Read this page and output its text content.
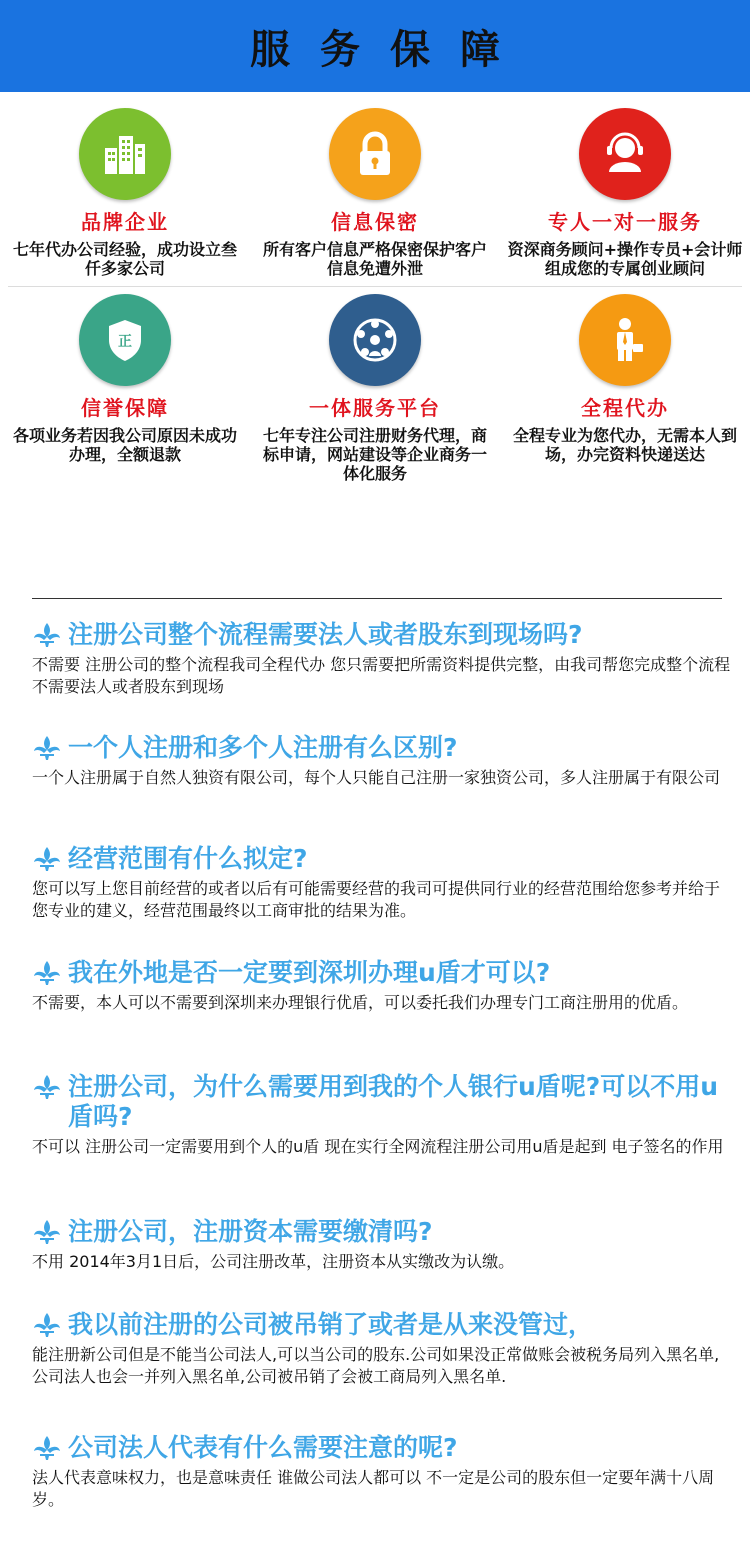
服务保障
品牌企业
七年代办公司经验，成功设立叁仟多家公司
信息保密
所有客户信息严格保密保护客户信息免遭外泄
专人一对一服务
资深商务顾问+操作专员+会计师组成您的专属创业顾问
正
信誉保障
各项业务若因我公司原因未成功办理，全额退款
一体服务平台
七年专注公司注册财务代理，商标申请，网站建设等企业商务一体化服务
全程代办
全程专业为您代办，无需本人到场，办完资料快递送达
注册公司整个流程需要法人或者股东到现场吗?
不需要 注册公司的整个流程我司全程代办 您只需要把所需资料提供完整，由我司帮您完成整个流程 不需要法人或者股东到现场
一个人注册和多个人注册有么区别?
一个人注册属于自然人独资有限公司，每个人只能自己注册一家独资公司，多人注册属于有限公司
经营范围有什么拟定?
您可以写上您目前经营的或者以后有可能需要经营的我司可提供同行业的经营范围给您参考并给于您专业的建义，经营范围最终以工商审批的结果为准。
我在外地是否一定要到深圳办理u盾才可以?
不需要，本人可以不需要到深圳来办理银行优盾，可以委托我们办理专门工商注册用的优盾。
注册公司，为什么需要用到我的个人银行u盾呢?可以不用u盾吗?
不可以 注册公司一定需要用到个人的u盾 现在实行全网流程注册公司用u盾是起到 电子签名的作用
注册公司，注册资本需要缴清吗?
不用 2014年3月1日后，公司注册改革，注册资本从实缴改为认缴。
我以前注册的公司被吊销了或者是从来没管过，
能注册新公司但是不能当公司法人,可以当公司的股东.公司如果没正常做账会被税务局列入黑名单,公司法人也会一并列入黑名单,公司被吊销了会被工商局列入黑名单.
公司法人代表有什么需要注意的呢?
法人代表意味权力，也是意味责任 谁做公司法人都可以 不一定是公司的股东但一定要年满十八周岁。
